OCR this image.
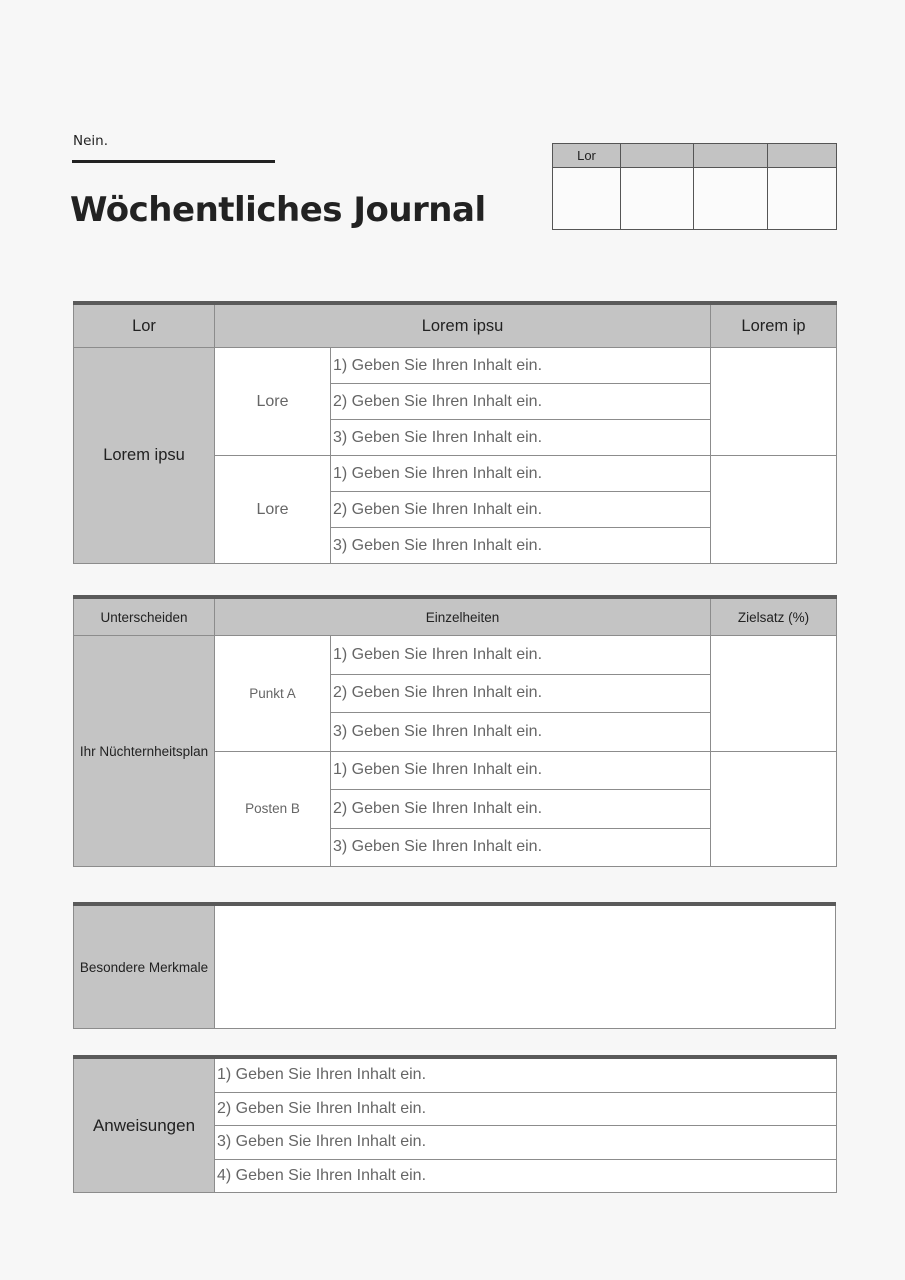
Nein.
Wöchentliches Journal
Lor			

Lor	Lorem ipsu		Lorem ip
Lorem ipsu	Lore	1) Geben Sie Ihren Inhalt ein.	
		2) Geben Sie Ihren Inhalt ein.	
		3) Geben Sie Ihren Inhalt ein.	
	Lore	1) Geben Sie Ihren Inhalt ein.	
		2) Geben Sie Ihren Inhalt ein.	
		3) Geben Sie Ihren Inhalt ein.	
Unterscheiden	Einzelheiten		Zielsatz (%)
Ihr Nüchternheitsplan	Punkt A	1) Geben Sie Ihren Inhalt ein.	
		2) Geben Sie Ihren Inhalt ein.	
		3) Geben Sie Ihren Inhalt ein.	
	Posten B	1) Geben Sie Ihren Inhalt ein.	
		2) Geben Sie Ihren Inhalt ein.	
		3) Geben Sie Ihren Inhalt ein.	
Besondere Merkmale	
Anweisungen	1) Geben Sie Ihren Inhalt ein.
2) Geben Sie Ihren Inhalt ein.
3) Geben Sie Ihren Inhalt ein.
4) Geben Sie Ihren Inhalt ein.
